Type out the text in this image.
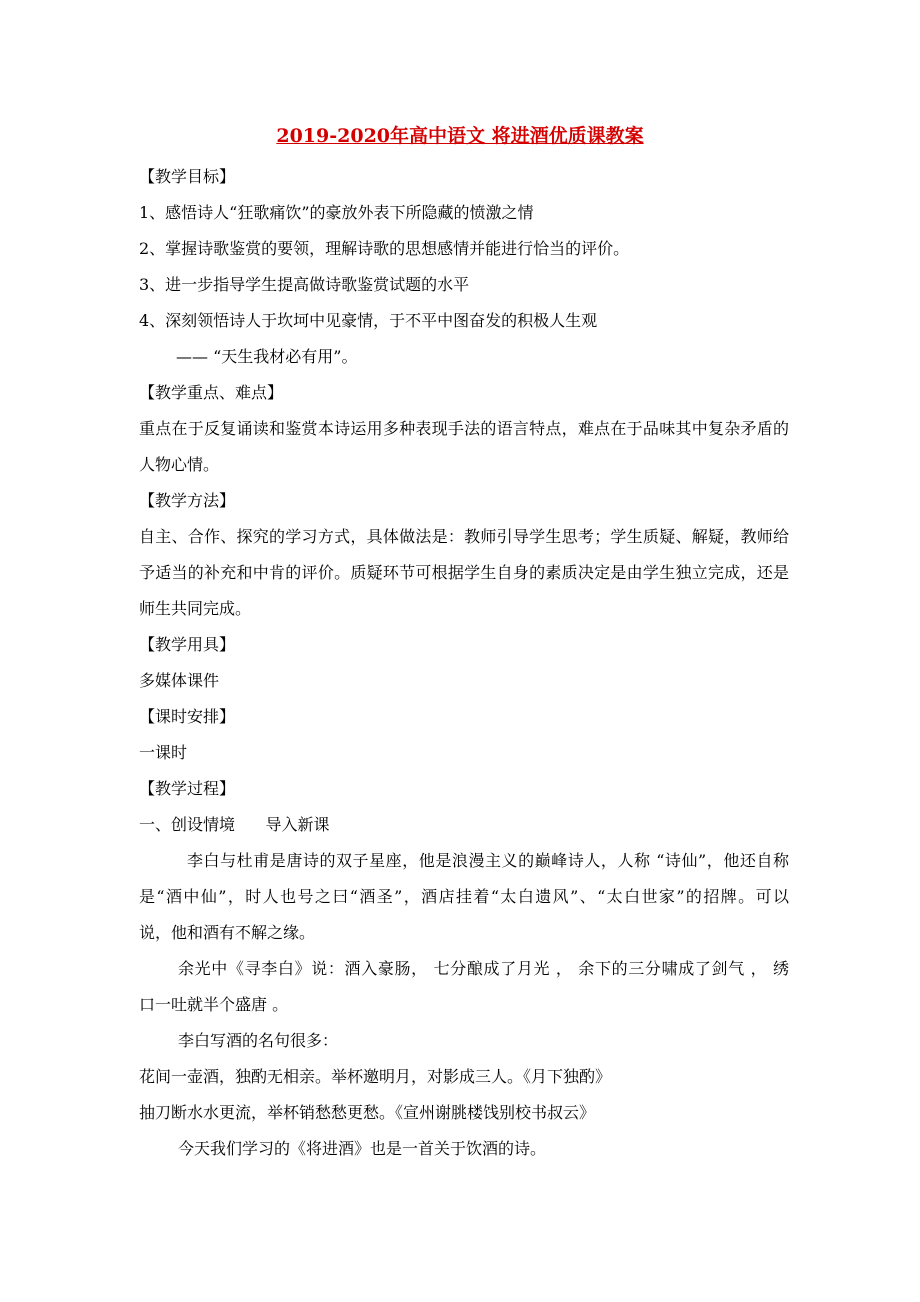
2019-2020年高中语文 将进酒优质课教案
【教学目标】
1、感悟诗人“狂歌痛饮”的豪放外表下所隐藏的愤激之情
2、掌握诗歌鉴赏的要领，理解诗歌的思想感情并能进行恰当的评价。
3、进一步指导学生提高做诗歌鉴赏试题的水平
4、深刻领悟诗人于坎坷中见豪情，于不平中图奋发的积极人生观
—— “天生我材必有用”。
【教学重点、难点】
重点在于反复诵读和鉴赏本诗运用多种表现手法的语言特点，难点在于品味其中复杂矛盾的
人物心情。
【教学方法】
自主、合作、探究的学习方式，具体做法是：教师引导学生思考；学生质疑、解疑，教师给
予适当的补充和中肯的评价。质疑环节可根据学生自身的素质决定是由学生独立完成，还是
师生共同完成。
【教学用具】
多媒体课件
【课时安排】
一课时
【教学过程】
一、创设情境      导入新课
李白与杜甫是唐诗的双子星座，他是浪漫主义的巅峰诗人，人称 “诗仙”，他还自称
是“酒中仙”，时人也号之曰“酒圣”，酒店挂着“太白遗风”、“太白世家”的招牌。可以
说，他和酒有不解之缘。
余光中《寻李白》说：酒入豪肠， 七分酿成了月光 ， 余下的三分啸成了剑气 ， 绣
口一吐就半个盛唐 。
李白写酒的名句很多：
花间一壶酒，独酌无相亲。举杯邀明月，对影成三人。《月下独酌》
抽刀断水水更流，举杯销愁愁更愁。《宣州谢朓楼饯别校书叔云》
今天我们学习的《将进酒》也是一首关于饮酒的诗。
